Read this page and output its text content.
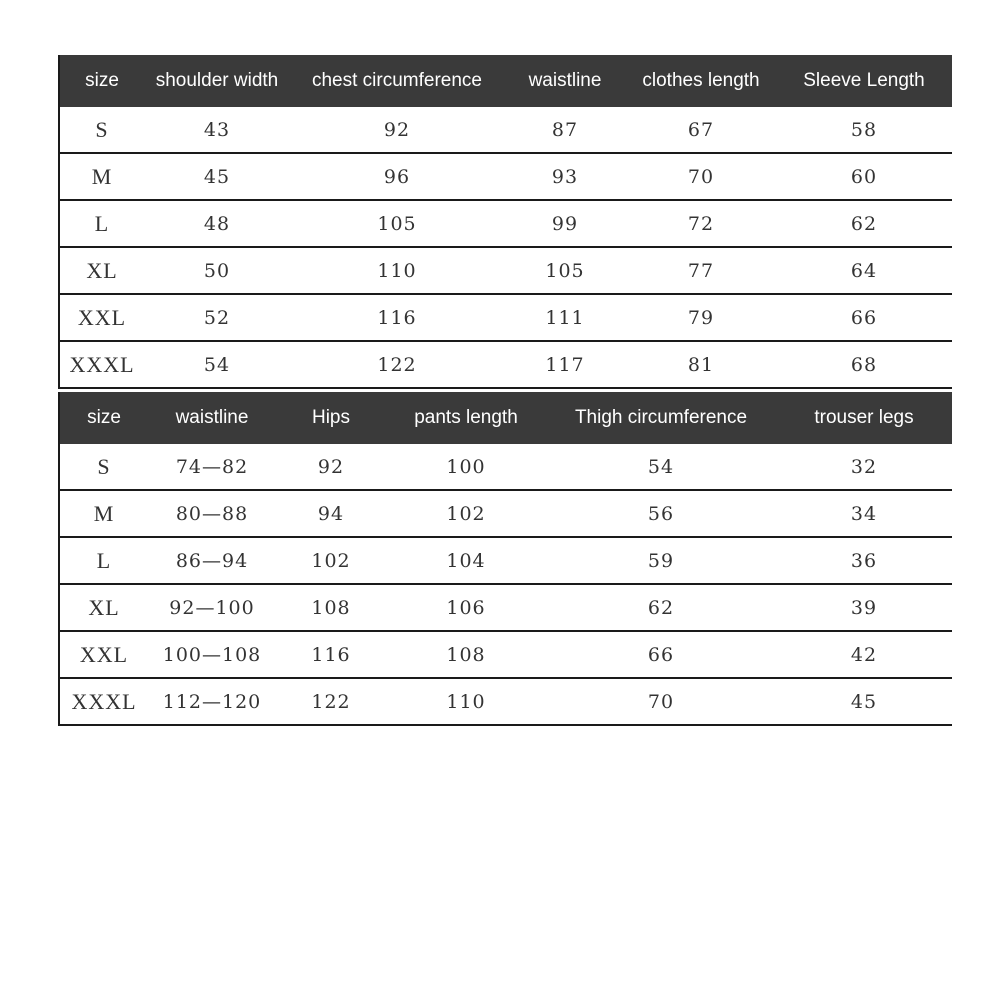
size	shoulder width	chest circumference	waistline	clothes length	Sleeve Length
S	43	92	87	67	58
M	45	96	93	70	60
L	48	105	99	72	62
XL	50	110	105	77	64
XXL	52	116	111	79	66
XXXL	54	122	117	81	68
size	waistline	Hips	pants length	Thigh circumference	trouser legs
S	74—82	92	100	54	32
M	80—88	94	102	56	34
L	86—94	102	104	59	36
XL	92—100	108	106	62	39
XXL	100—108	116	108	66	42
XXXL	112—120	122	110	70	45
